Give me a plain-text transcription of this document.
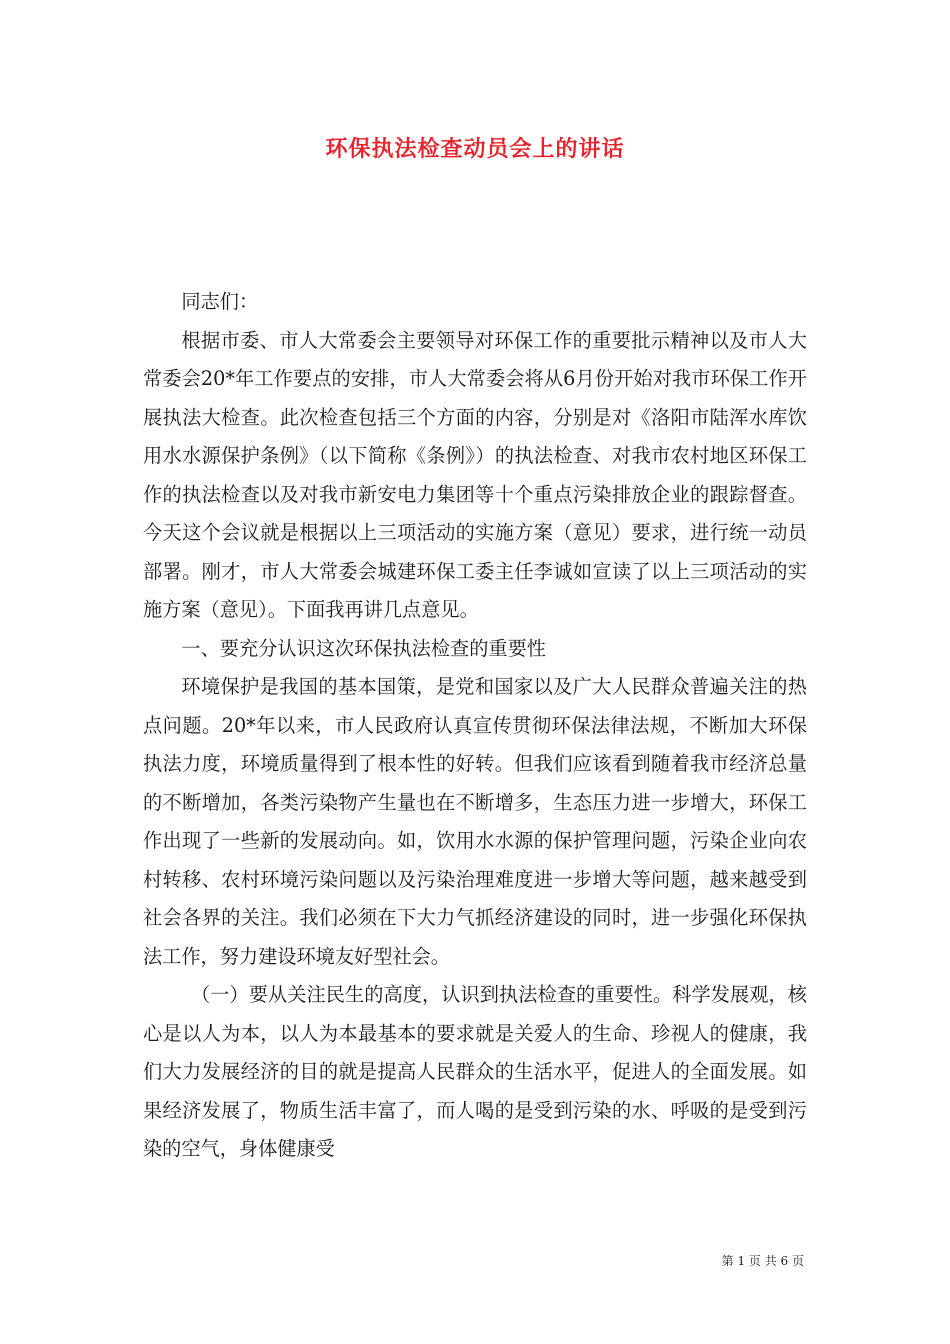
环保执法检查动员会上的讲话

同志们：

根据市委、市人大常委会主要领导对环保工作的重要批示精神以及市人大常委会20*年工作要点的安排，市人大常委会将从6月份开始对我市环保工作开展执法大检查。此次检查包括三个方面的内容，分别是对《洛阳市陆浑水库饮用水水源保护条例》（以下简称《条例》）的执法检查、对我市农村地区环保工作的执法检查以及对我市新安电力集团等十个重点污染排放企业的跟踪督查。今天这个会议就是根据以上三项活动的实施方案（意见）要求，进行统一动员部署。刚才，市人大常委会城建环保工委主任李诚如宣读了以上三项活动的实施方案（意见）。下面我再讲几点意见。

一、要充分认识这次环保执法检查的重要性

环境保护是我国的基本国策，是党和国家以及广大人民群众普遍关注的热点问题。20*年以来，市人民政府认真宣传贯彻环保法律法规，不断加大环保执法力度，环境质量得到了根本性的好转。但我们应该看到随着我市经济总量的不断增加，各类污染物产生量也在不断增多，生态压力进一步增大，环保工作出现了一些新的发展动向。如，饮用水水源的保护管理问题，污染企业向农村转移、农村环境污染问题以及污染治理难度进一步增大等问题，越来越受到社会各界的关注。我们必须在下大力气抓经济建设的同时，进一步强化环保执法工作，努力建设环境友好型社会。

（一）要从关注民生的高度，认识到执法检查的重要性。科学发展观，核心是以人为本，以人为本最基本的要求就是关爱人的生命、珍视人的健康，我们大力发展经济的目的就是提高人民群众的生活水平，促进人的全面发展。如果经济发展了，物质生活丰富了，而人喝的是受到污染的水、呼吸的是受到污染的空气，身体健康受

第 1 页 共 6 页
